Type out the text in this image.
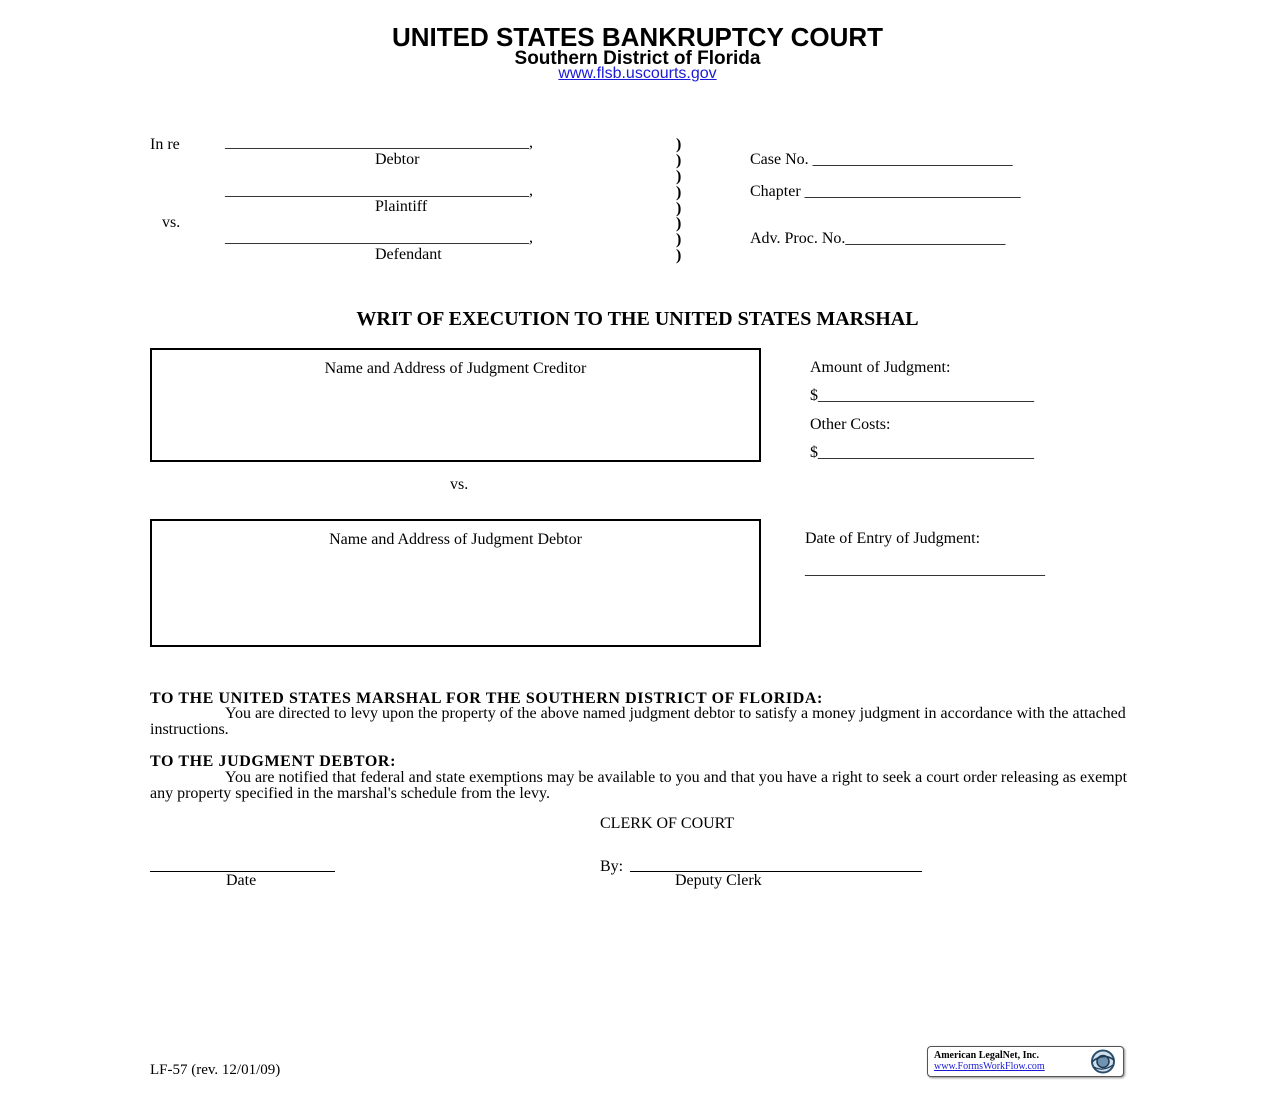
UNITED STATES BANKRUPTCY COURT
Southern District of Florida
www.flsb.uscourts.gov
In re	______________________________________,
Debtor
______________________________________,
Plaintiff
vs.
______________________________________,
Defendant
)
)
)
)
)
)
)
)
Case No. _________________________
Chapter ___________________________
Adv. Proc. No.____________________
WRIT OF EXECUTION TO THE UNITED STATES MARSHAL
Name and Address of Judgment Creditor
vs.
Name and Address of Judgment Debtor
Amount of Judgment:
$___________________________
Other Costs:
$___________________________
Date of Entry of Judgment:
______________________________
TO THE UNITED STATES MARSHAL FOR THE SOUTHERN DISTRICT OF FLORIDA:
You are directed to levy upon the property of the above named judgment debtor to satisfy a money judgment in accordance with the attached instructions.
TO THE JUDGMENT DEBTOR:
You are notified that federal and state exemptions may be available to you and that you have a right to seek a court order releasing as exempt any property specified in the marshal's schedule from the levy.
CLERK OF COURT
Date
By:
Deputy Clerk
LF-57 (rev. 12/01/09)
American LegalNet, Inc.
www.FormsWorkFlow.com
